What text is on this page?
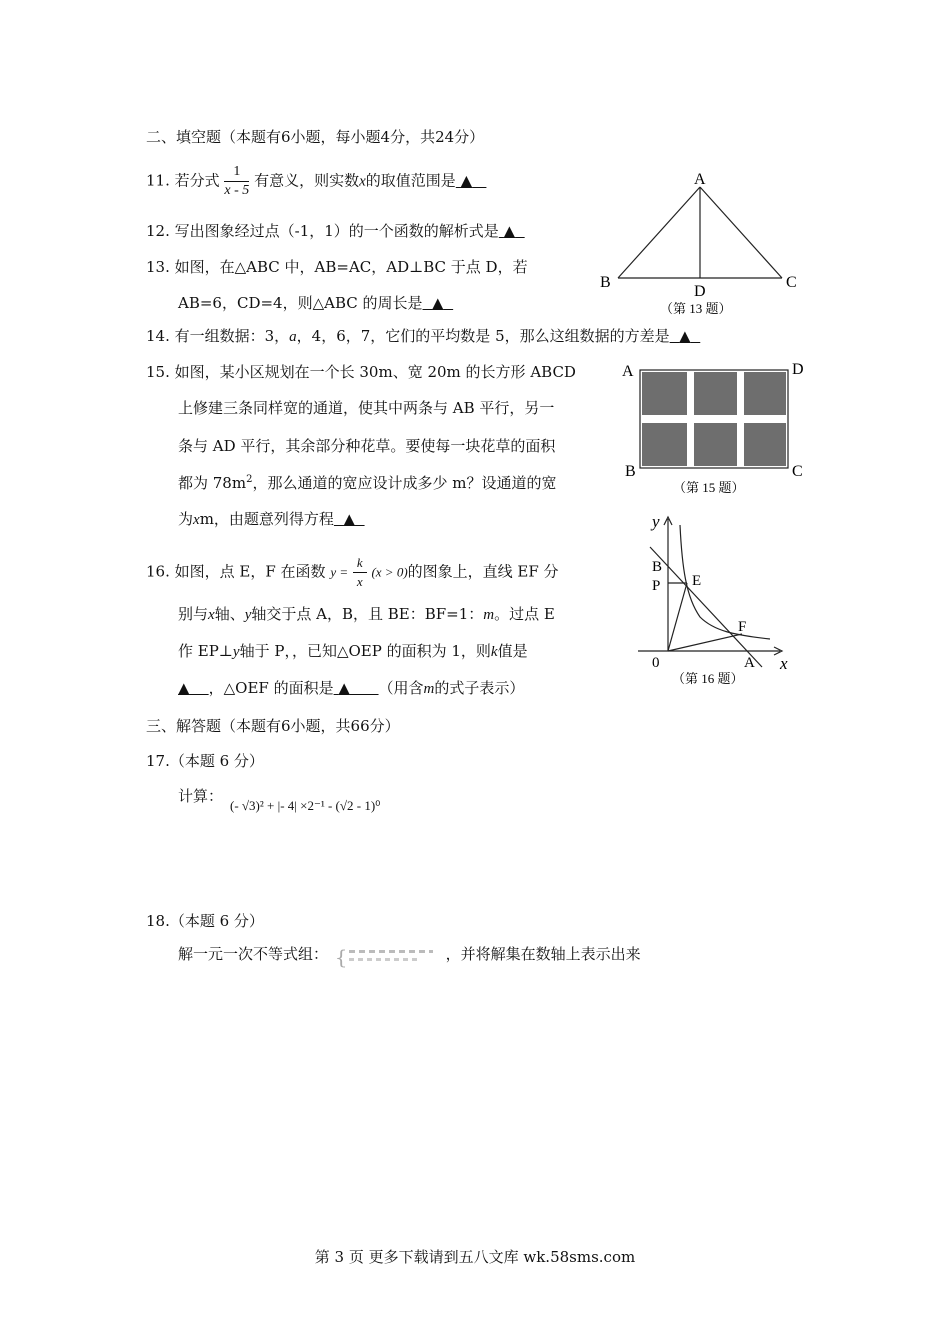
二、填空题（本题有6小题，每小题4分，共24分）
11. 若分式 $\frac{1}{x - 5}$ 有意义，则实数x的取值范围是 ▲
12. 写出图象经过点（-1，1）的一个函数的解析式是 ▲
13. 如图，在△ABC 中，AB=AC，AD⊥BC 于点 D，若
AB=6，CD=4，则△ABC 的周长是 ▲
A
B	C
D
（第 13 题）
14. 有一组数据：3，a，4，6，7，它们的平均数是 5，那么这组数据的方差是 ▲
15. 如图，某小区规划在一个长 30m、宽 20m 的长方形 ABCD
上修建三条同样宽的通道，使其中两条与 AB 平行，另一
条与 AD 平行，其余部分种花草。要使每一块花草的面积
都为 $78m^2$，那么通道的宽应设计成多少 m？设通道的宽
为xm，由题意列得方程 ▲
A	D
B	C
（第 15 题）
16. 如图，点 E，F 在函数 $y = \frac{k}{x} (x > 0)$的图象上，直线 EF 分
别与x轴、y轴交于点 A，B，且 BE：BF=1：m。过点 E
作 EP⊥y轴于 P，，已知△OEP 的面积为 1，则k值是
▲ ，△OEF 的面积是 ▲ （用含m的式子表示）
y
x
B
P E
F
0	A
（第 16 题）
三、解答题（本题有6小题，共66分）
17.（本题 6 分）
计算：
(- √3)² + |- 4| ×2⁻¹ - (√2 - 1)⁰
18.（本题 6 分）
解一元一次不等式组： {	，并将解集在数轴上表示出来
第 3 页 更多下载请到五八文库 wk.58sms.com
